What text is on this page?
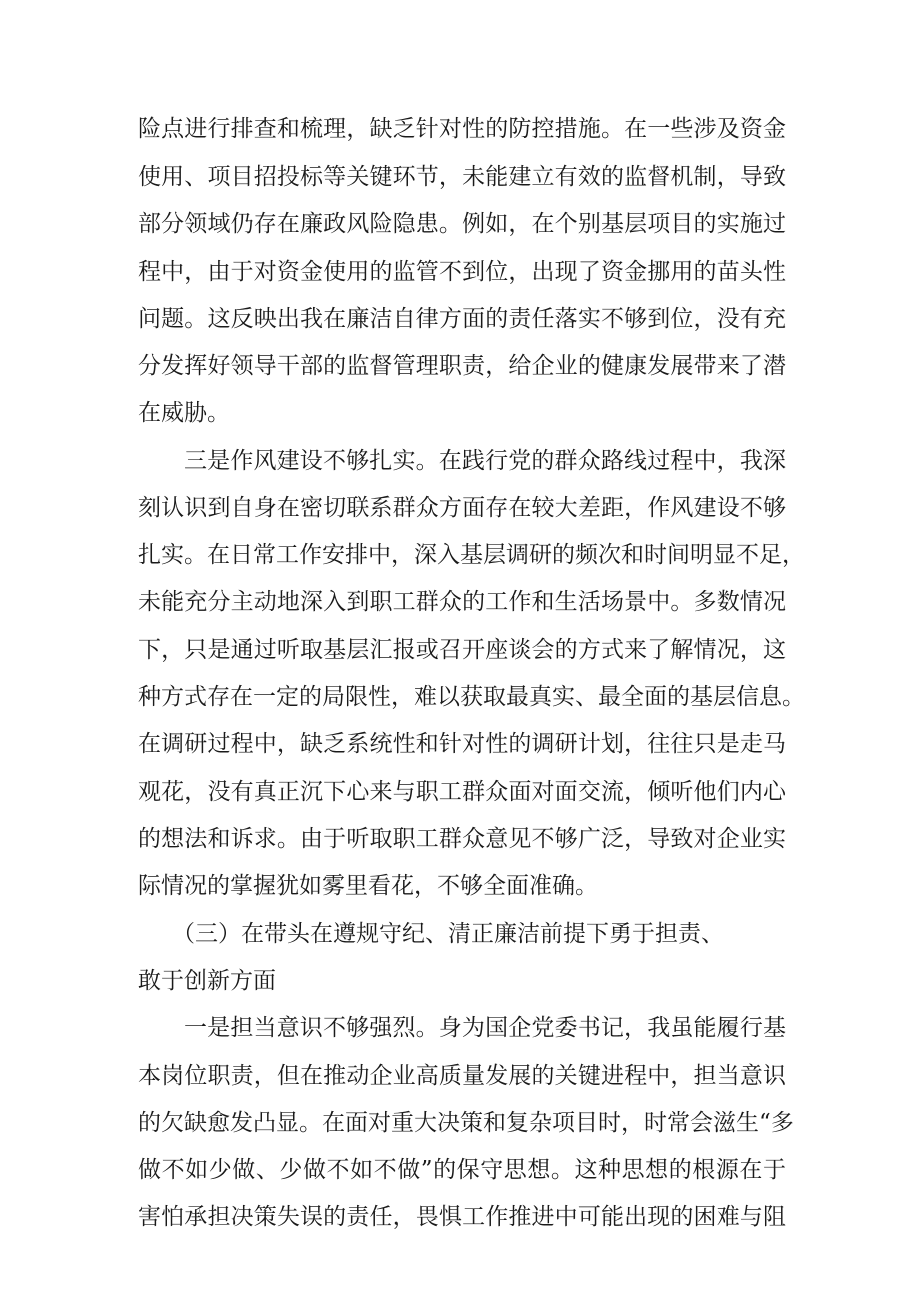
险点进行排查和梳理，缺乏针对性的防控措施。在一些涉及资金
使用、项目招投标等关键环节，未能建立有效的监督机制，导致
部分领域仍存在廉政风险隐患。例如，在个别基层项目的实施过
程中，由于对资金使用的监管不到位，出现了资金挪用的苗头性
问题。这反映出我在廉洁自律方面的责任落实不够到位，没有充
分发挥好领导干部的监督管理职责，给企业的健康发展带来了潜
在威胁。
三是作风建设不够扎实。在践行党的群众路线过程中，我深
刻认识到自身在密切联系群众方面存在较大差距，作风建设不够
扎实。在日常工作安排中，深入基层调研的频次和时间明显不足，
未能充分主动地深入到职工群众的工作和生活场景中。多数情况
下，只是通过听取基层汇报或召开座谈会的方式来了解情况，这
种方式存在一定的局限性，难以获取最真实、最全面的基层信息。
在调研过程中，缺乏系统性和针对性的调研计划，往往只是走马
观花，没有真正沉下心来与职工群众面对面交流，倾听他们内心
的想法和诉求。由于听取职工群众意见不够广泛，导致对企业实
际情况的掌握犹如雾里看花，不够全面准确。
（三）在带头在遵规守纪、清正廉洁前提下勇于担责、
敢于创新方面
一是担当意识不够强烈。身为国企党委书记，我虽能履行基
本岗位职责，但在推动企业高质量发展的关键进程中，担当意识
的欠缺愈发凸显。在面对重大决策和复杂项目时，时常会滋生“多
做不如少做、少做不如不做”的保守思想。这种思想的根源在于
害怕承担决策失误的责任，畏惧工作推进中可能出现的困难与阻
